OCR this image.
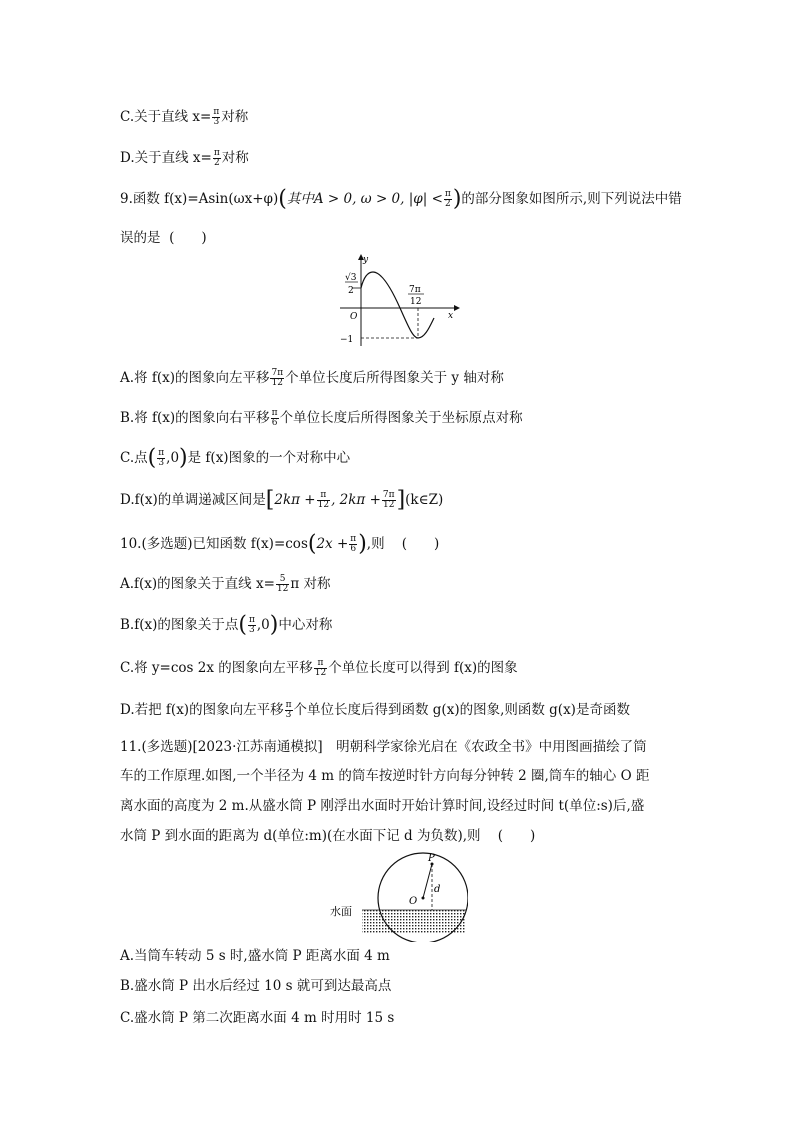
C.关于直线 $x= \frac{\pi}{3}$ 对称
D.关于直线 $x= \frac{\pi}{2}$ 对称
9.函数 f(x)=Asin(ωx+φ)(其中A > 0, ω > 0, $|\varphi| < \frac{\pi}{2}$ )的部分图象如图所示,则下列说法中错
误的是 (　　)
y
x
O
√3
2	7π
12
−1
A.将 f(x)的图象向左平移 $\frac{7\pi}{12}$ 个单位长度后所得图象关于 y 轴对称
B.将 f(x)的图象向右平移 $\frac{\pi}{6}$ 个单位长度后所得图象关于坐标原点对称
C.点( $\frac{\pi}{3} ,0$)是 f(x)图象的一个对称中心
D.f(x)的单调递减区间是[$2k\pi + \frac{\pi}{12}$ , $2k\pi + \frac{7\pi}{12}$ ](k∈Z)
10.(多选题)已知函数 $f(x)=\cos(2x + \frac{\pi}{6}$ ),则 (　　)
A.f(x)的图象关于直线 $x= \frac{5}{12}$ π 对称
B.f(x)的图象关于点( $\frac{\pi}{3} ,0$)中心对称
C.将 y=cos 2x 的图象向左平移 $\frac{\pi}{12}$ 个单位长度可以得到 f(x)的图象
D.若把 f(x)的图象向左平移 $\frac{\pi}{3}$ 个单位长度后得到函数 g(x)的图象,则函数 g(x)是奇函数
11.(多选题)[2023·江苏南通模拟]　明朝科学家徐光启在《农政全书》中用图画描绘了筒
车的工作原理.如图,一个半径为 4 m 的筒车按逆时针方向每分钟转 2 圈,筒车的轴心 O 距
离水面的高度为 2 m.从盛水筒 P 刚浮出水面时开始计算时间,设经过时间 t(单位:s)后,盛
水筒 P 到水面的距离为 d(单位:m)(在水面下记 d 为负数),则 (　　)
P
O
d
水面
A.当筒车转动 5 s 时,盛水筒 P 距离水面 4 m
B.盛水筒 P 出水后经过 10 s 就可到达最高点
C.盛水筒 P 第二次距离水面 4 m 时用时 15 s
